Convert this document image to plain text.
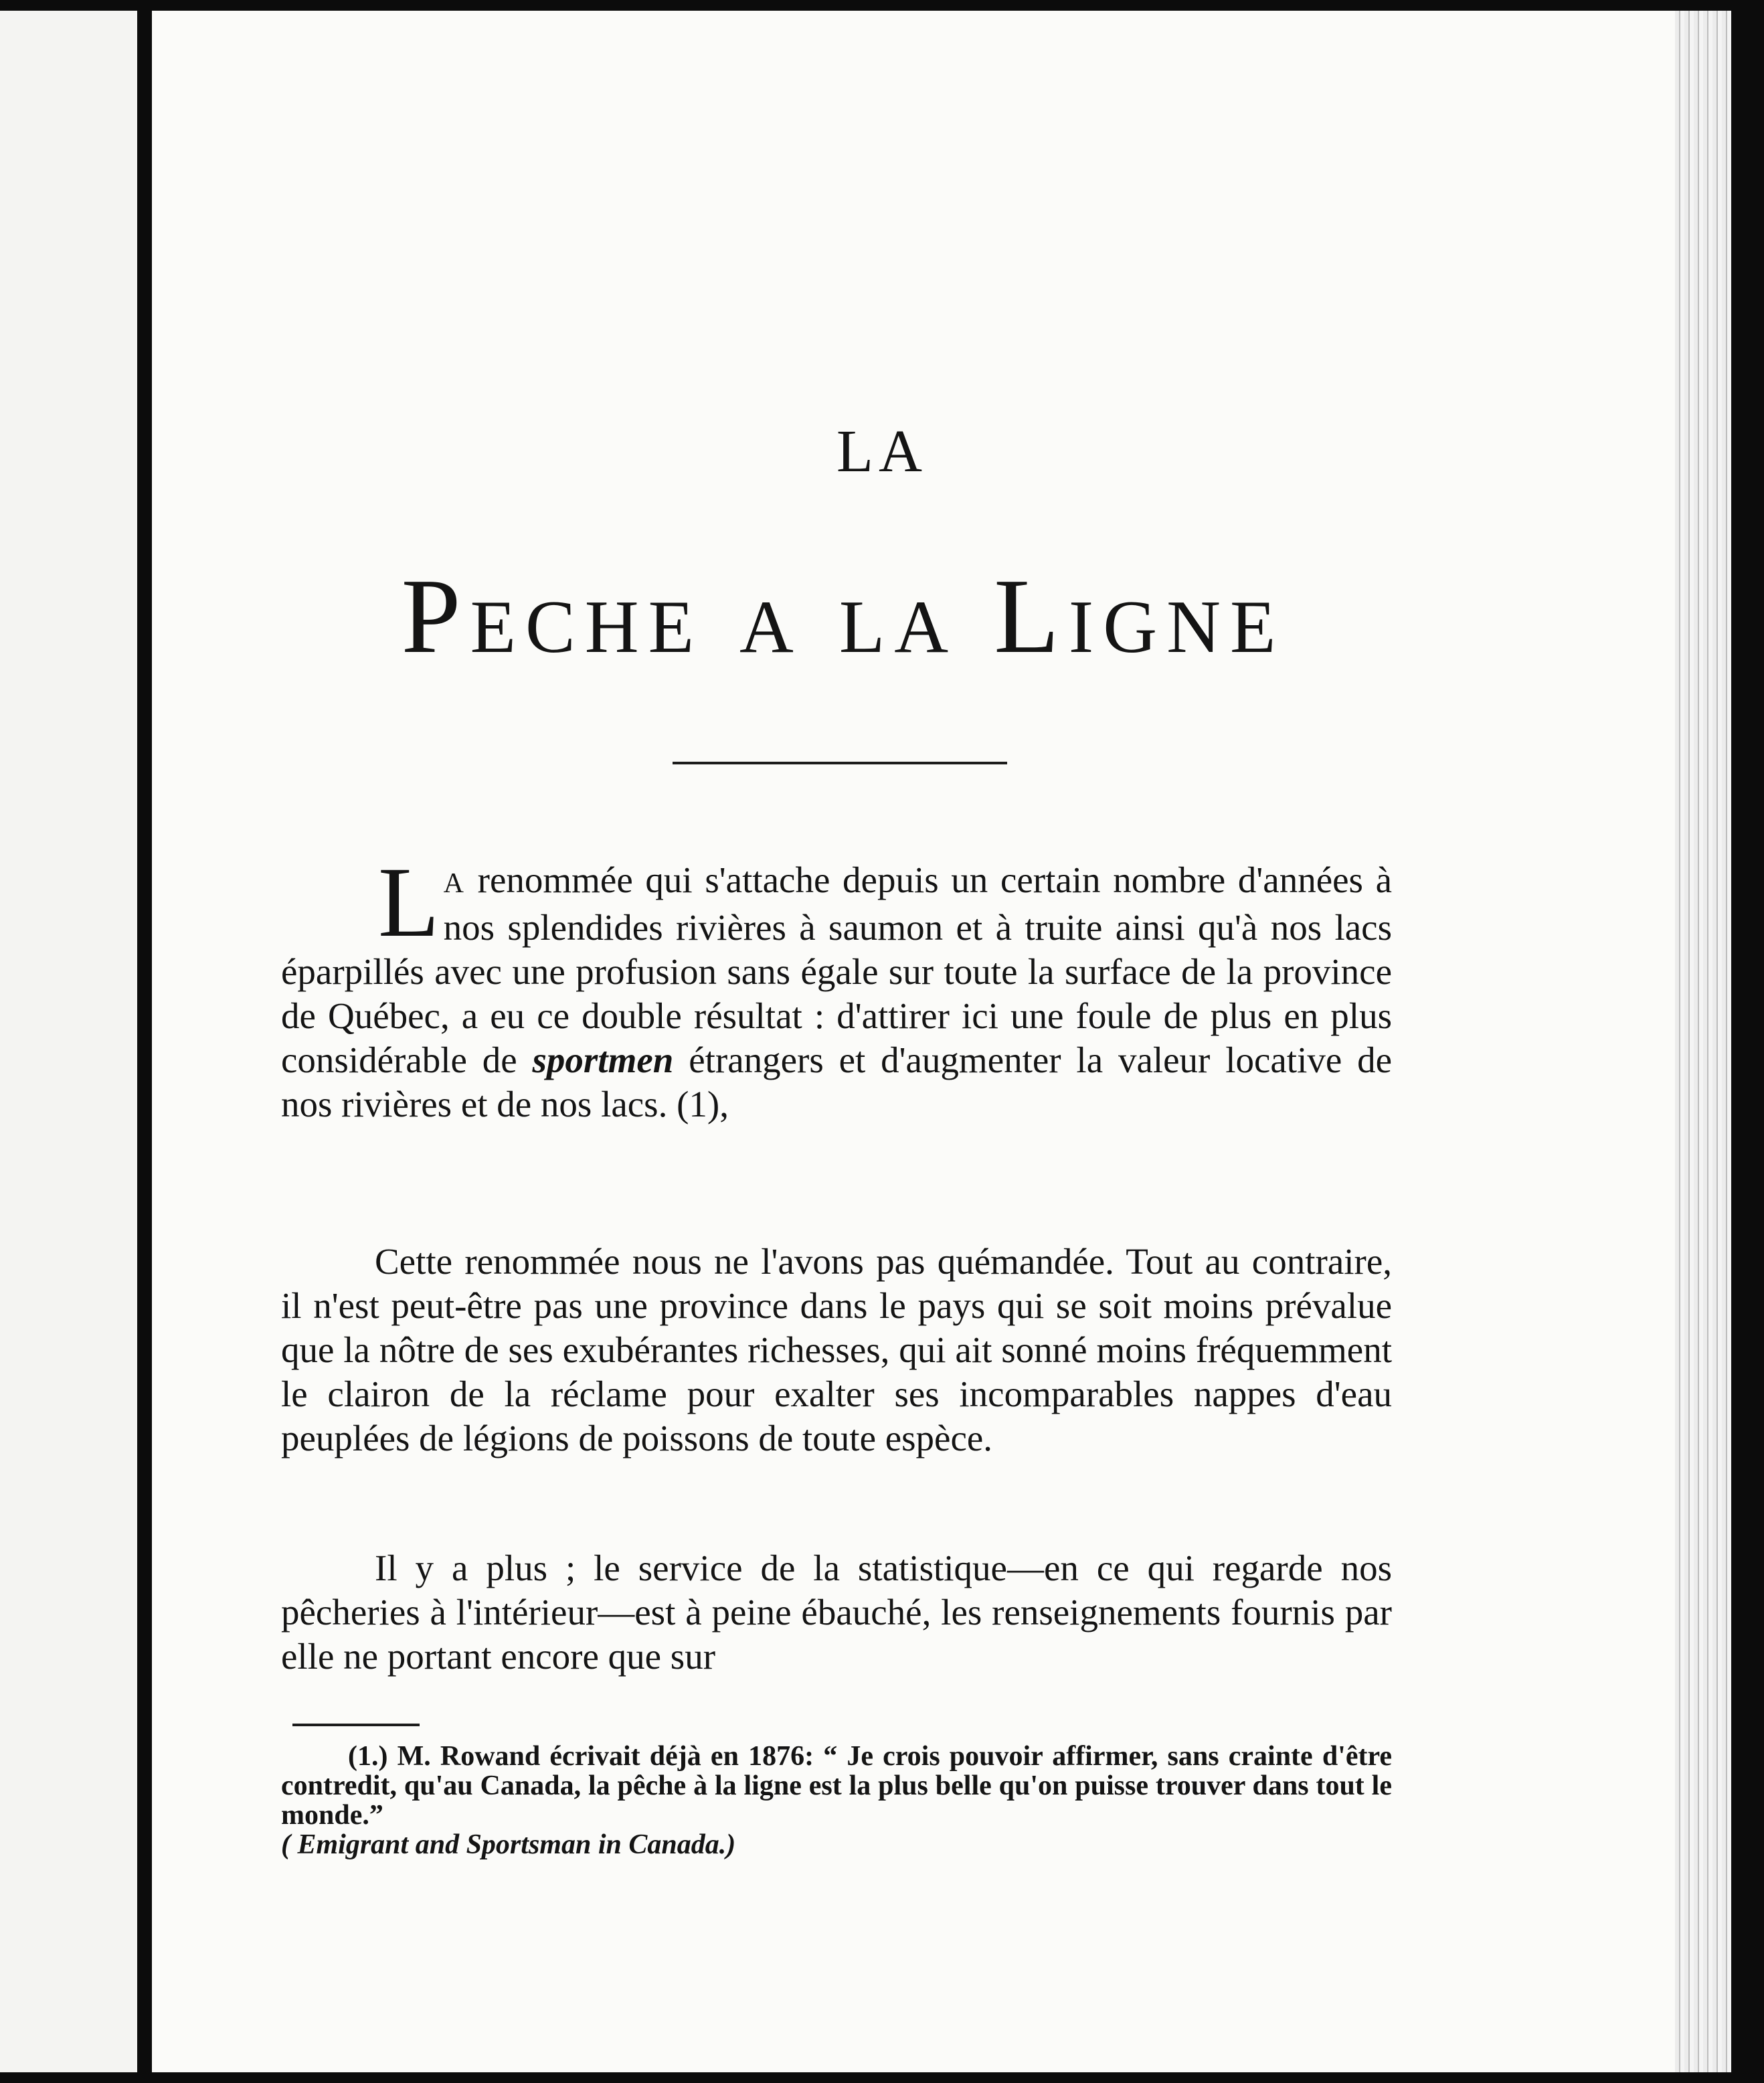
LA
Peche a la Ligne

L A renommée qui s'attache depuis un certain nombre d'années à nos splendides rivières à saumon et à truite ainsi qu'à nos lacs éparpillés avec une profusion sans égale sur toute la surface de la province de Québec, a eu ce double résultat : d'attirer ici une foule de plus en plus considérable de sportmen étrangers et d'augmenter la valeur locative de nos rivières et de nos lacs. (1),

Cette renommée nous ne l'avons pas quémandée. Tout au contraire, il n'est peut-être pas une province dans le pays qui se soit moins prévalue que la nôtre de ses exubérantes richesses, qui ait sonné moins fréquemment le clairon de la réclame pour exalter ses incomparables nappes d'eau peuplées de légions de poissons de toute espèce.

Il y a plus ; le service de la statistique—en ce qui regarde nos pêcheries à l'intérieur—est à peine ébauché, les renseignements fournis par elle ne portant encore que sur

(1.) M. Rowand écrivait déjà en 1876: “ Je crois pouvoir affirmer, sans crainte d'être contredit, qu'au Canada, la pêche à la ligne est la plus belle qu'on puisse trouver dans tout le monde.”
( Emigrant and Sportsman in Canada.)
